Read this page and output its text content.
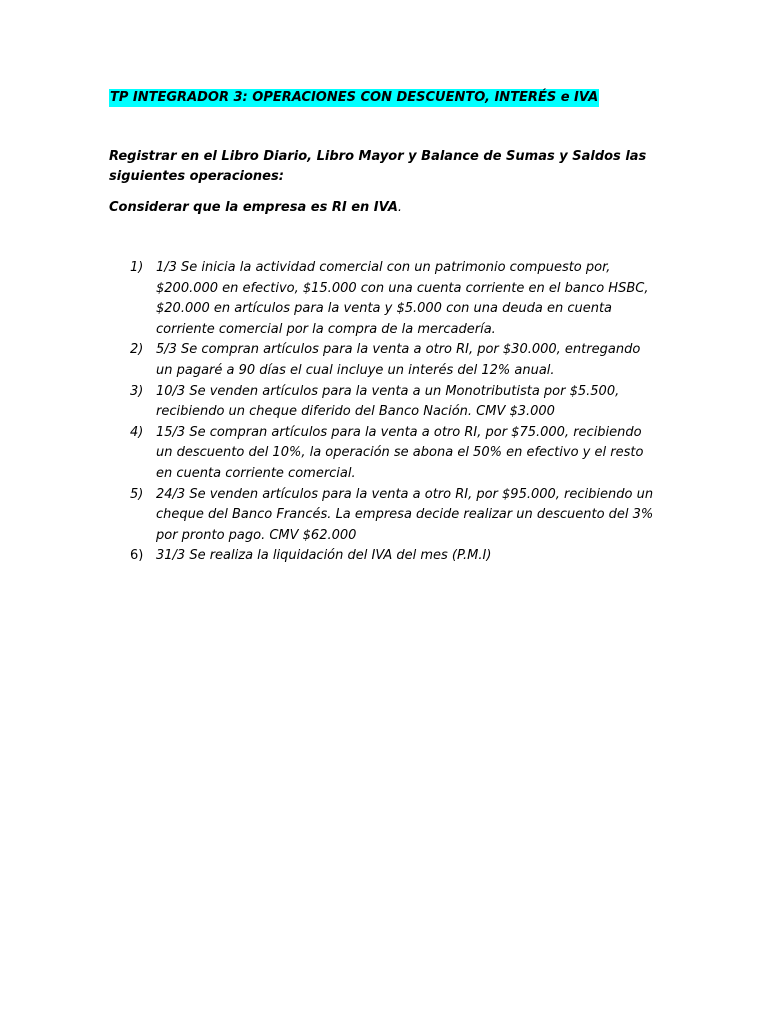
TP INTEGRADOR 3: OPERACIONES CON DESCUENTO, INTERÉS e IVA
Registrar en el Libro Diario, Libro Mayor y Balance de Sumas y Saldos las siguientes operaciones:
Considerar que la empresa es RI en IVA.
1) 1/3 Se inicia la actividad comercial con un patrimonio compuesto por, $200.000 en efectivo, $15.000 con una cuenta corriente en el banco HSBC, $20.000 en artículos para la venta y $5.000 con una deuda en cuenta corriente comercial por la compra de la mercadería.
2) 5/3 Se compran artículos para la venta a otro RI, por $30.000, entregando un pagaré a 90 días el cual incluye un interés del 12% anual.
3) 10/3 Se venden artículos para la venta a un Monotributista por $5.500, recibiendo un cheque diferido del Banco Nación. CMV $3.000
4) 15/3 Se compran artículos para la venta a otro RI, por $75.000, recibiendo un descuento del 10%, la operación se abona el 50% en efectivo y el resto en cuenta corriente comercial.
5) 24/3 Se venden artículos para la venta a otro RI, por $95.000, recibiendo un cheque del Banco Francés. La empresa decide realizar un descuento del 3% por pronto pago. CMV $62.000
6) 31/3 Se realiza la liquidación del IVA del mes (P.M.I)
